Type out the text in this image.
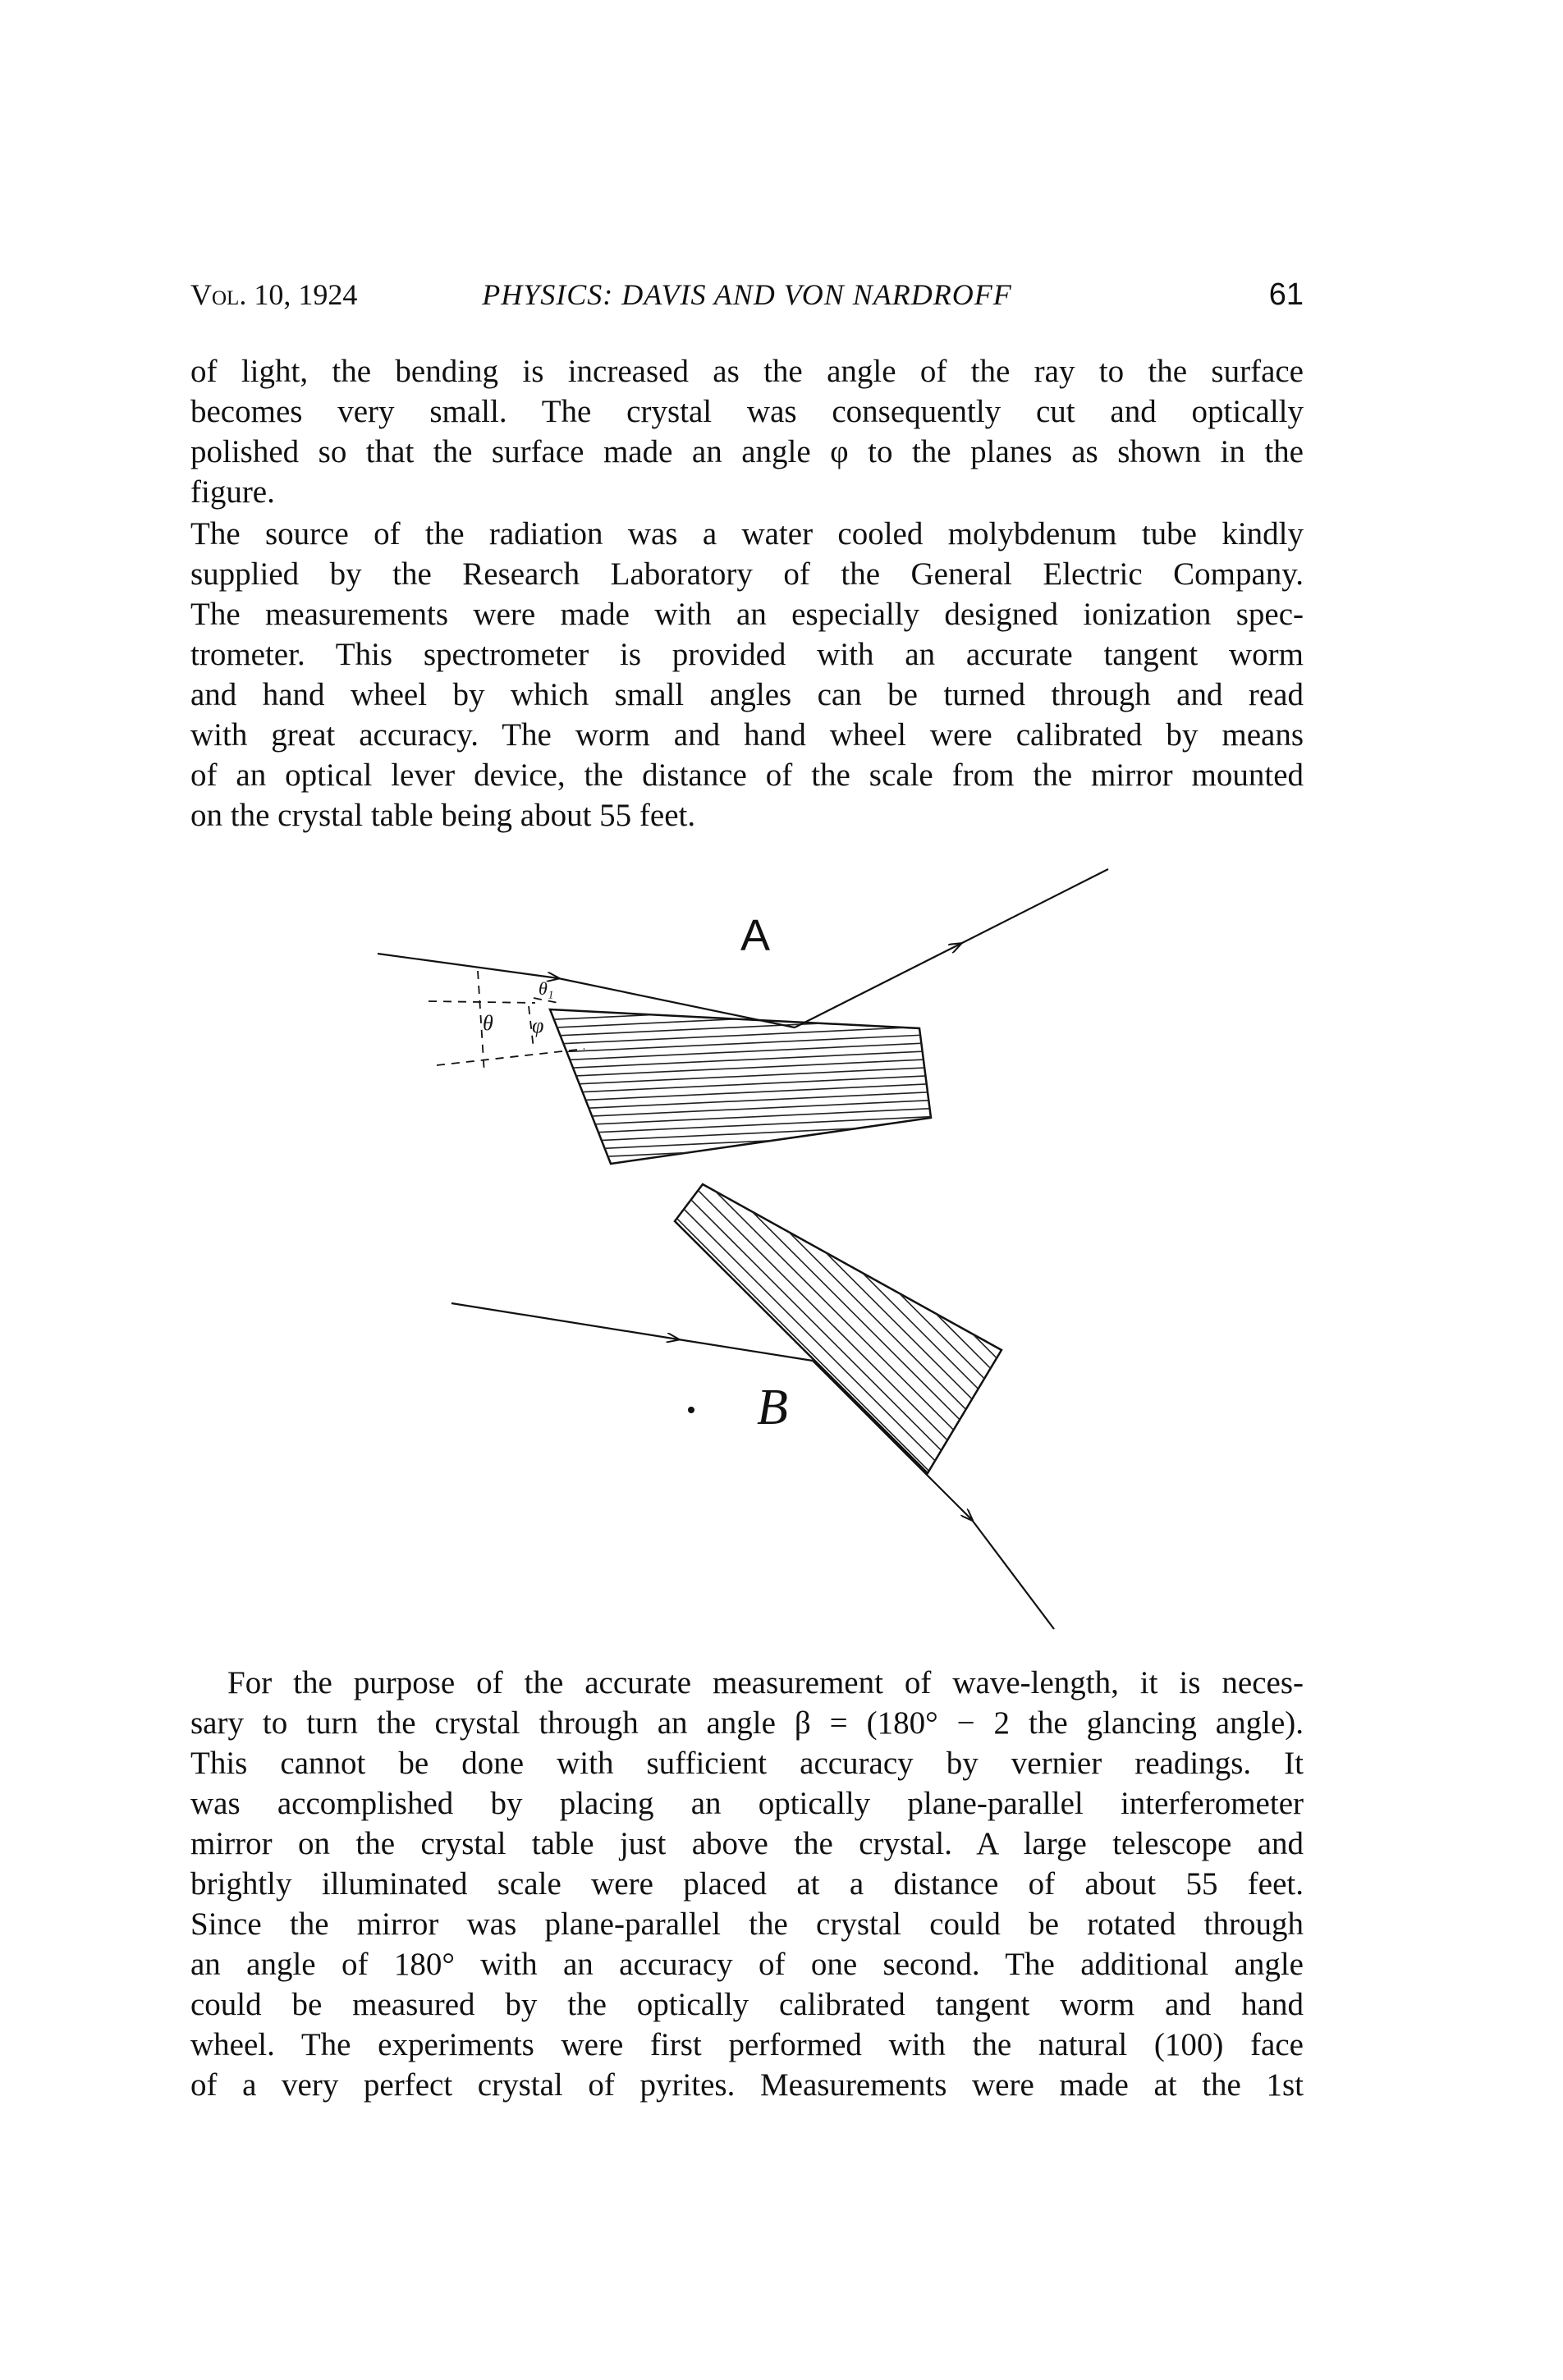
Vol. 10, 1924	PHYSICS: DAVIS AND VON NARDROFF	61
of light, the bending is increased as the angle of the ray to the surface
becomes very small. The crystal was consequently cut and optically
polished so that the surface made an angle φ to the planes as shown in the
figure.
The source of the radiation was a water cooled molybdenum tube kindly
supplied by the Research Laboratory of the General Electric Company.
The measurements were made with an especially designed ionization spec-
trometer. This spectrometer is provided with an accurate tangent worm
and hand wheel by which small angles can be turned through and read
with great accuracy. The worm and hand wheel were calibrated by means
of an optical lever device, the distance of the scale from the mirror mounted
on the crystal table being about 55 feet.
A
B
θ
θ₁
φ
For the purpose of the accurate measurement of wave-length, it is neces-
sary to turn the crystal through an angle β = (180° − 2 the glancing angle).
This cannot be done with sufficient accuracy by vernier readings. It
was accomplished by placing an optically plane-parallel interferometer
mirror on the crystal table just above the crystal. A large telescope and
brightly illuminated scale were placed at a distance of about 55 feet.
Since the mirror was plane-parallel the crystal could be rotated through
an angle of 180° with an accuracy of one second. The additional angle
could be measured by the optically calibrated tangent worm and hand
wheel. The experiments were first performed with the natural (100) face
of a very perfect crystal of pyrites. Measurements were made at the 1st
